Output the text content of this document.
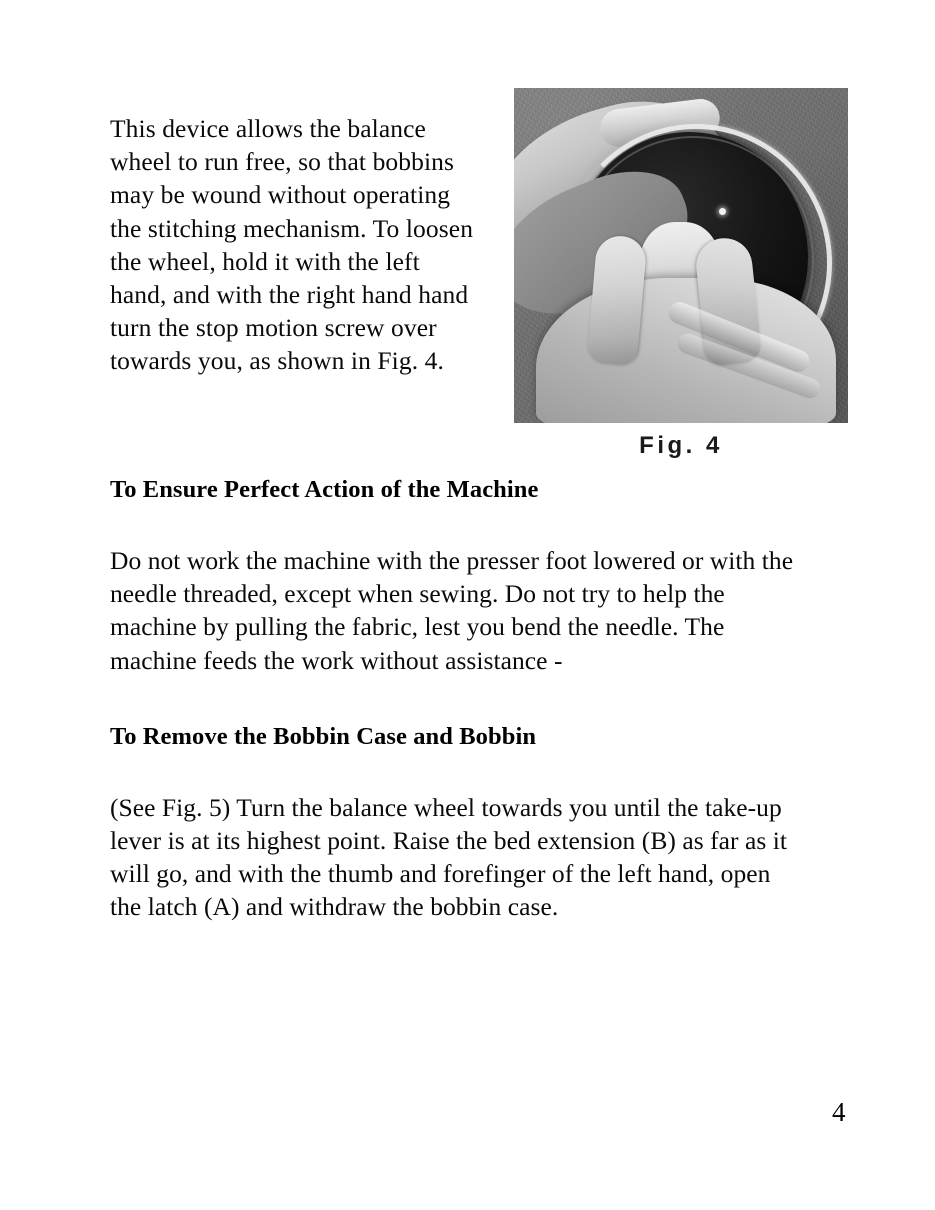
This device allows the balance wheel to run free, so that bobbins may be wound without operating the stitching mechanism. To loosen the wheel, hold it with the left hand, and with the right hand hand turn the stop motion screw over towards you, as shown in Fig. 4.

Fig. 4
To Ensure Perfect Action of the Machine

Do not work the machine with the presser foot lowered or with the needle threaded, except when sewing. Do not try to help the machine by pulling the fabric, lest you bend the needle. The machine feeds the work without assistance -

To Remove the Bobbin Case and Bobbin

(See Fig. 5) Turn the balance wheel towards you until the take-up lever is at its highest point. Raise the bed extension (B) as far as it will go, and with the thumb and forefinger of the left hand, open the latch (A) and withdraw the bobbin case.

4
